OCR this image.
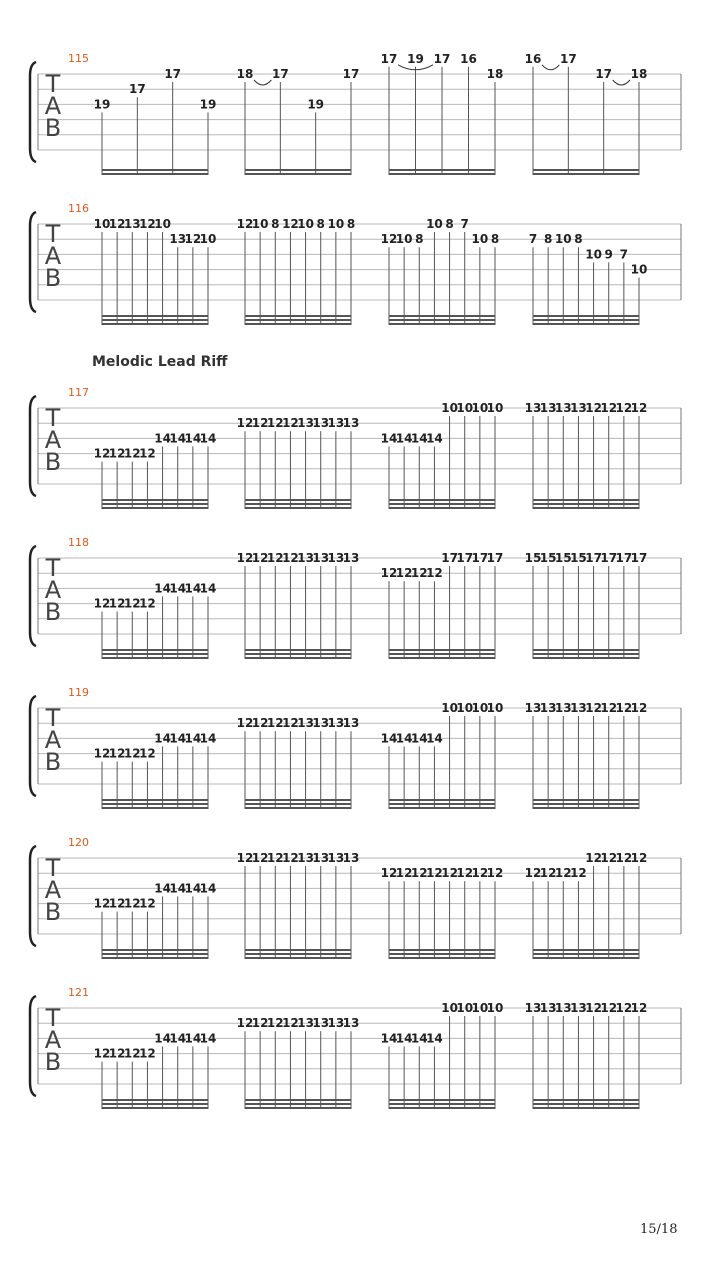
T
A
B
115
19
17
17
19
18 17
19
17
17 19 17 16
18
16 17
17 18
T
A
B
116
10
12
13
12
10
13
12
10
12
10 8 12
10 8 10 8
12
10 8
10 8 7
10 8 7 8 10 8
10 9 7
10
T
A
B
117
12
12
12
12
14
14
14
14
12
12
12
12
13
13
13
13
14
14
14
14
10
10
10
10 13
13
13
13
12
12
12
12
T
A
B
118
12
12
12
12
14
14
14
14
12
12
12
12
13
13
13
13
12
12
12
12
17
17
17
17 15
15
15
15
17
17
17
17
T
A
B
119
12
12
12
12
14
14
14
14
12
12
12
12
13
13
13
13
14
14
14
14
10
10
10
10 13
13
13
13
12
12
12
12
T
A
B
120
12
12
12
12
14
14
14
14
12
12
12
12
13
13
13
13
12
12
12
12
12
12
12
12 12
12
12
12
12
12
12
12
T
A
B
121
12
12
12
12
14
14
14
14
12
12
12
12
13
13
13
13
14
14
14
14
10
10
10
10 13
13
13
13
12
12
12
12
Melodic Lead Riff
15/18
